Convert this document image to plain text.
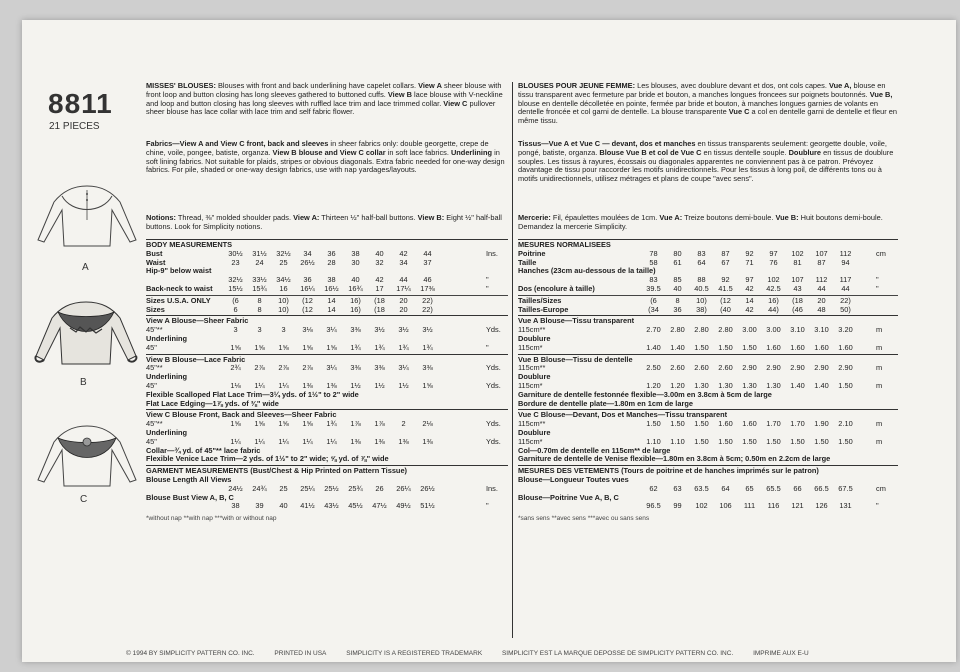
8811
21 PIECES
A
B
C
MISSES' BLOUSES: Blouses with front and back underlining have capelet collars. View A sheer blouse with front loop and button closing has long sleeves gathered to buttoned cuffs. View B lace blouse with V-neckline and loop and button closing has long sleeves with ruffled lace trim and lace trimmed collar. View C pullover sheer blouse has lace collar with lace trim and self fabric flower.
Fabrics—View A and View C front, back and sleeves in sheer fabrics only: double georgette, crepe de chine, voile, pongee, batiste, organza. View B blouse and View C collar in soft lace fabrics. Underlining in soft lining fabrics. Not suitable for plaids, stripes or obvious diagonals. Extra fabric needed for one-way design fabrics. For pile, shaded or one-way design fabrics, use with nap yardages/layouts.
Notions: Thread, ⅜" molded shoulder pads. View A: Thirteen ½" half-ball buttons. View B: Eight ½" half-ball buttons. Look for Simplicity notions.
BODY MEASUREMENTS
Bust	30½	31½	32½	34	36	38	40	42	44	Ins.
Waist	23	24	25	26½	28	30	32	34	37
Hip-9" below waist
32½	33½	34½	36	38	40	42	44	46	"
Back-neck to waist	15½	15¾	16	16¼	16½	16¾	17	17¼	17⅜	"
Sizes U.S.A. ONLY	(6	8	10)	(12	14	16)	(18	20	22)
Sizes	6	8	10)	(12	14	16)	(18	20	22)
View A Blouse—Sheer Fabric
45"**	3	3	3	3⅛	3¼	3⅜	3½	3½	3½	Yds.
Underlining
45"	1⅝	1⅝	1⅝	1⅝	1⅝	1¾	1¾	1¾	1¾	"
View B Blouse—Lace Fabric
45"**	2¾	2⅞	2⅞	2⅞	3¼	3⅜	3⅜	3¼	3⅜	Yds.
Underlining
45"	1⅛	1¼	1¼	1⅜	1⅜	1½	1½	1½	1⅝	Yds.
Flexible Scalloped Flat Lace Trim—3¼ yds. of 1½" to 2" wide
Flat Lace Edging—1⅞ yds. of ⅜" wide
View C Blouse Front, Back and Sleeves—Sheer Fabric
45"**	1⅝	1⅝	1⅝	1⅝	1¾	1⅞	1⅞	2	2⅛	Yds.
Underlining
45"	1¼	1¼	1¼	1¼	1¼	1⅜	1⅜	1⅜	1⅜	Yds.
Collar—¾ yd. of 45"** lace fabric
Flexible Venice Lace Trim—2 yds. of 1½" to 2" wide; ⅝ yd. of ⅞" wide
GARMENT MEASUREMENTS (Bust/Chest & Hip Printed on Pattern Tissue)
Blouse Length All Views
24½	24¾	25	25¼	25½	25¾	26	26¼	26½	Ins.
Blouse Bust View A, B, C
38	39	40	41½	43½	45½	47½	49½	51½	"
*without nap **with nap ***with or without nap
BLOUSES POUR JEUNE FEMME: Les blouses, avec doublure devant et dos, ont cols capes. Vue A, blouse en tissu transparent avec fermeture par bride et bouton, a manches longues froncees sur poignets boutonnés. Vue B, blouse en dentelle décolletée en pointe, fermée par bride et bouton, à manches longues garnies de volants en dentelle froncée et col garni de dentelle. La blouse transparente Vue C a col en dentelle garni de dentelle et fleur en même tissu.
Tissus—Vue A et Vue C — devant, dos et manches en tissus transparents seulement: georgette double, voile, pongé, batiste, organza. Blouse Vue B et col de Vue C en tissus dentelle souple. Doublure en tissus de doublure souples. Les tissus à rayures, écossais ou diagonales apparentes ne conviennent pas à ce patron. Prévoyez davantage de tissu pour raccorder les motifs unidirectionnels. Pour les tissus à long poil, de différents tons ou à motifs unidirectionnels, utilisez métrages et plans de coupe "avec sens".
Mercerie: Fil, épaulettes moulées de 1cm. Vue A: Treize boutons demi-boule. Vue B: Huit boutons demi-boule. Demandez la mercerie Simplicity.
MESURES NORMALISEES
Poitrine	78	80	83	87	92	97	102	107	112	cm
Taille	58	61	64	67	71	76	81	87	94
Hanches (23cm au-dessous de la taille)
83	85	88	92	97	102	107	112	117	"
Dos (encolure à taille)	39.5	40	40.5	41.5	42	42.5	43	44	44	"
Tailles/Sizes	(6	8	10)	(12	14	16)	(18	20	22)
Tailles-Europe	(34	36	38)	(40	42	44)	(46	48	50)
Vue A Blouse—Tissu transparent
115cm**	2.70	2.80	2.80	2.80	3.00	3.00	3.10	3.10	3.20	m
Doublure
115cm*	1.40	1.40	1.50	1.50	1.50	1.60	1.60	1.60	1.60	m
Vue B Blouse—Tissu de dentelle
115cm**	2.50	2.60	2.60	2.60	2.90	2.90	2.90	2.90	2.90	m
Doublure
115cm*	1.20	1.20	1.30	1.30	1.30	1.30	1.40	1.40	1.50	m
Garniture de dentelle festonnée flexible—3.00m en 3.8cm à 5cm de large
Bordure de dentelle plate—1.80m en 1cm de large
Vue C Blouse—Devant, Dos et Manches—Tissu transparent
115cm**	1.50	1.50	1.50	1.60	1.60	1.70	1.70	1.90	2.10	m
Doublure
115cm*	1.10	1.10	1.50	1.50	1.50	1.50	1.50	1.50	1.50	m
Col—0.70m de dentelle en 115cm** de large
Garniture de dentelle de Venise flexible—1.80m en 3.8cm à 5cm; 0.50m en 2.2cm de large
MESURES DES VETEMENTS (Tours de poitrine et de hanches imprimés sur le patron)
Blouse—Longueur Toutes vues
62	63	63.5	64	65	65.5	66	66.5	67.5	cm
Blouse—Poitrine Vue A, B, C
96.5	99	102	106	111	116	121	126	131	"
*sans sens **avec sens ***avec ou sans sens
© 1994 BY SIMPLICITY PATTERN CO. INC.	PRINTED IN USA	SIMPLICITY IS A REGISTERED TRADEMARK	SIMPLICITY EST LA MARQUE DEPOSSE DE SIMPLICITY PATTERN CO. INC.	IMPRIME AUX E-U
